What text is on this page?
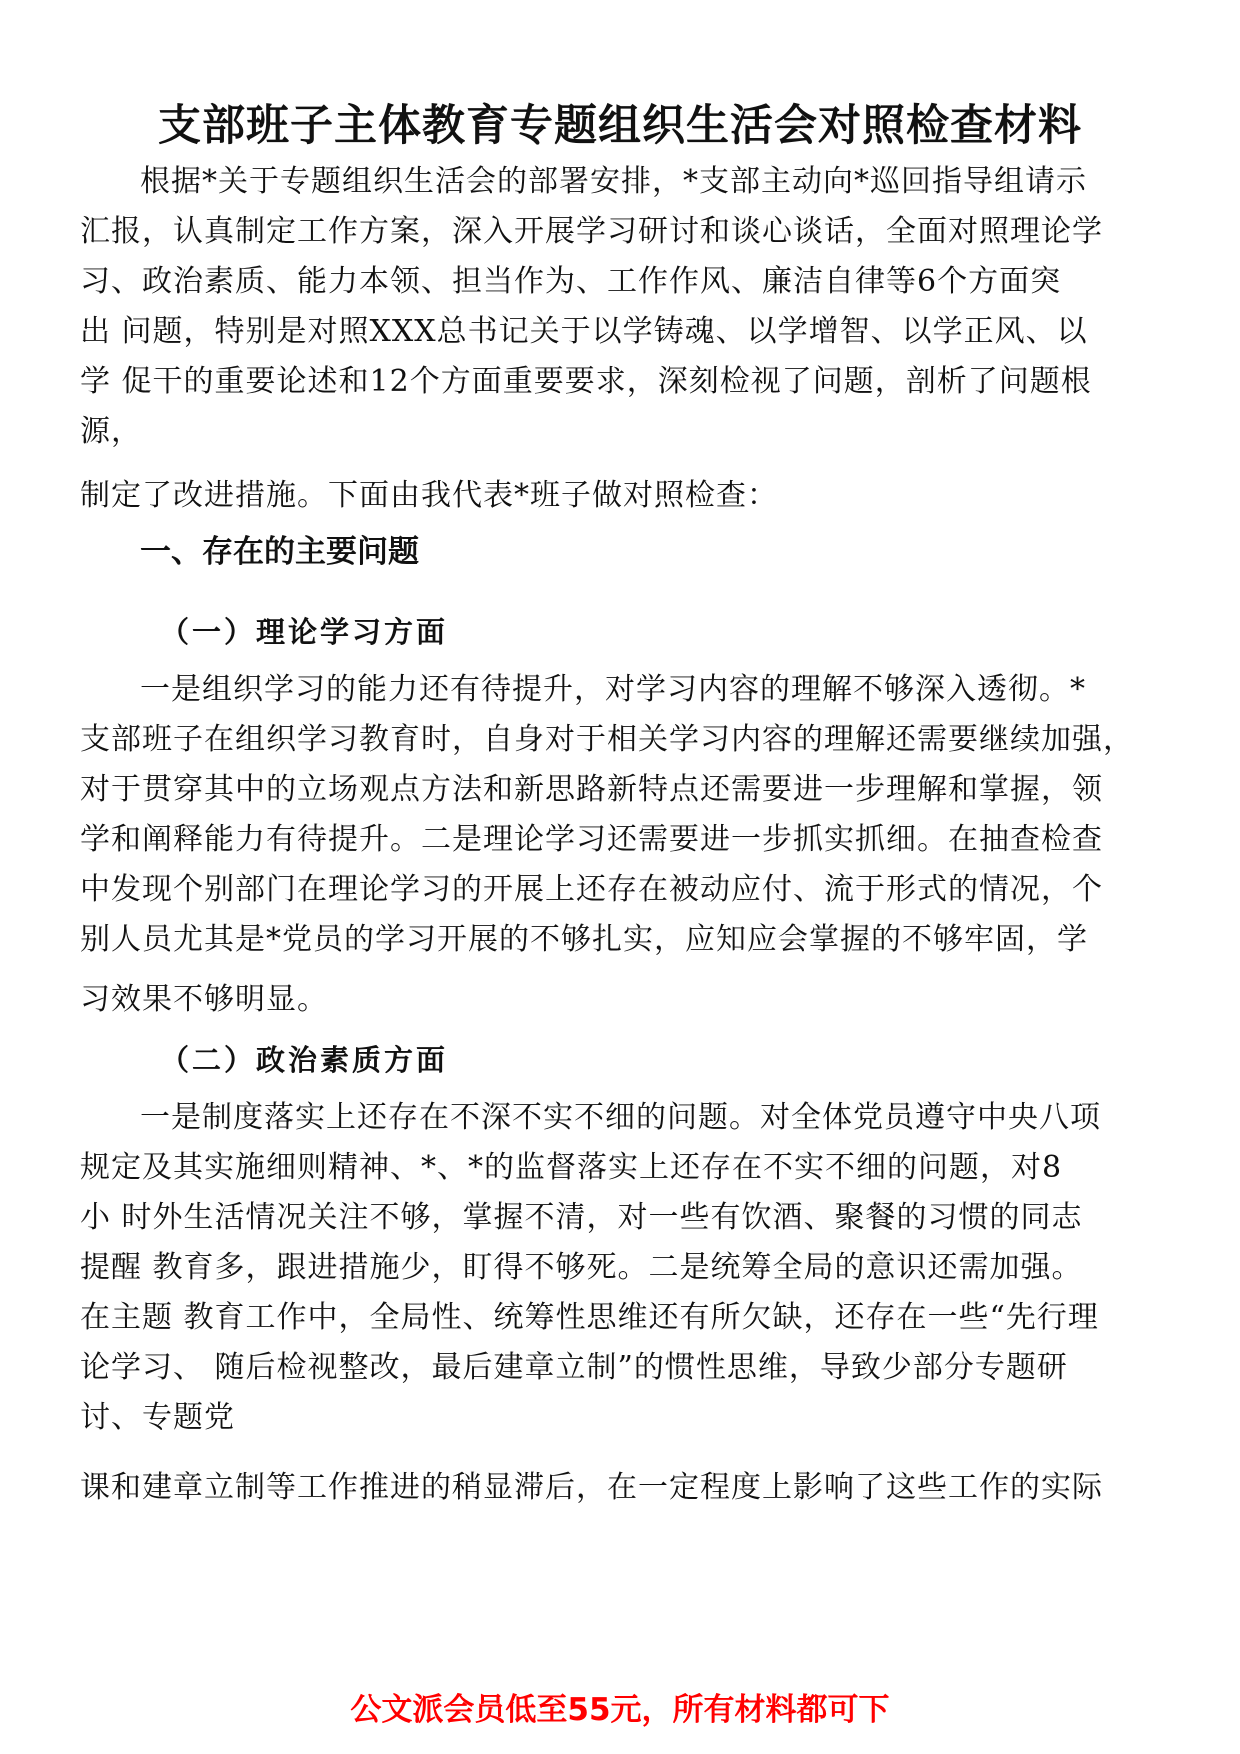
支部班子主体教育专题组织生活会对照检查材料
根据*关于专题组织生活会的部署安排，*支部主动向*巡回指导组请示
汇报，认真制定工作方案，深入开展学习研讨和谈心谈话，全面对照理论学
习、政治素质、能力本领、担当作为、工作作风、廉洁自律等6个方面突
出 问题，特别是对照XXX总书记关于以学铸魂、以学增智、以学正风、以
学 促干的重要论述和12个方面重要要求，深刻检视了问题，剖析了问题根
源，
制定了改进措施。下面由我代表*班子做对照检查：
一、存在的主要问题
（一）理论学习方面
一是组织学习的能力还有待提升，对学习内容的理解不够深入透彻。*
支部班子在组织学习教育时，自身对于相关学习内容的理解还需要继续加强，
对于贯穿其中的立场观点方法和新思路新特点还需要进一步理解和掌握，领
学和阐释能力有待提升。二是理论学习还需要进一步抓实抓细。在抽查检查
中发现个别部门在理论学习的开展上还存在被动应付、流于形式的情况，个
别人员尤其是*党员的学习开展的不够扎实，应知应会掌握的不够牢固，学
习效果不够明显。
（二）政治素质方面
一是制度落实上还存在不深不实不细的问题。对全体党员遵守中央八项
规定及其实施细则精神、*、*的监督落实上还存在不实不细的问题，对8
小 时外生活情况关注不够，掌握不清，对一些有饮酒、聚餐的习惯的同志
提醒 教育多，跟进措施少，盯得不够死。二是统筹全局的意识还需加强。
在主题 教育工作中，全局性、统筹性思维还有所欠缺，还存在一些“先行理
论学习、 随后检视整改，最后建章立制”的惯性思维，导致少部分专题研
讨、专题党
课和建章立制等工作推进的稍显滞后，在一定程度上影响了这些工作的实际
公文派会员低至55元，所有材料都可下
